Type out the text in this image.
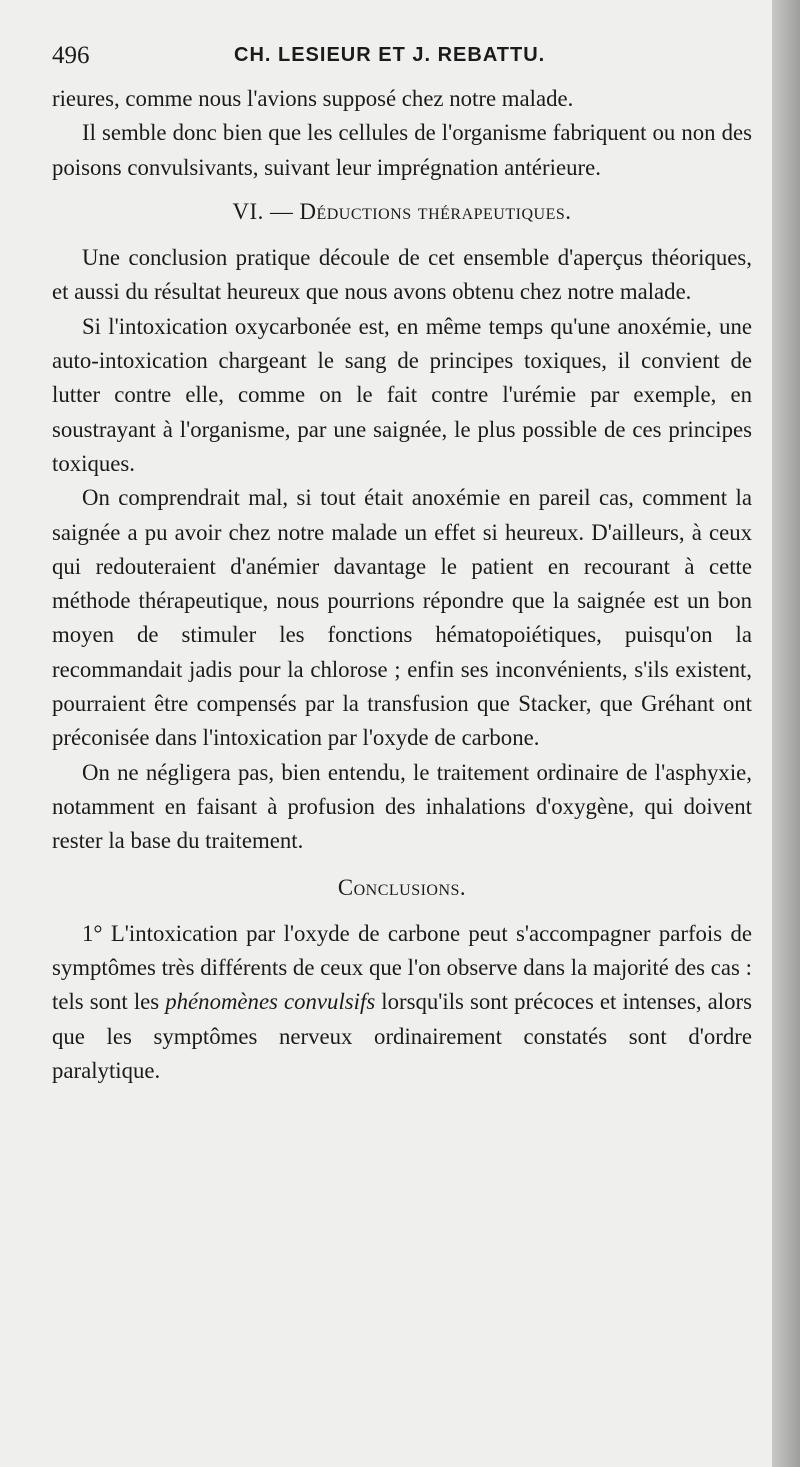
496	CH. LESIEUR ET J. REBATTU.

rieures, comme nous l'avions supposé chez notre malade.

Il semble donc bien que les cellules de l'organisme fabriquent ou non des poisons convulsivants, suivant leur imprégnation antérieure.

VI. — Déductions thérapeutiques.

Une conclusion pratique découle de cet ensemble d'aperçus théoriques, et aussi du résultat heureux que nous avons obtenu chez notre malade.

Si l'intoxication oxycarbonée est, en même temps qu'une anoxémie, une auto-intoxication chargeant le sang de principes toxiques, il convient de lutter contre elle, comme on le fait contre l'urémie par exemple, en soustrayant à l'organisme, par une saignée, le plus possible de ces principes toxiques.

On comprendrait mal, si tout était anoxémie en pareil cas, comment la saignée a pu avoir chez notre malade un effet si heureux. D'ailleurs, à ceux qui redouteraient d'anémier davantage le patient en recourant à cette méthode thérapeutique, nous pourrions répondre que la saignée est un bon moyen de stimuler les fonctions hématopoiétiques, puisqu'on la recommandait jadis pour la chlorose ; enfin ses inconvénients, s'ils existent, pourraient être compensés par la transfusion que Stacker, que Gréhant ont préconisée dans l'intoxication par l'oxyde de carbone.

On ne négligera pas, bien entendu, le traitement ordinaire de l'asphyxie, notamment en faisant à profusion des inhalations d'oxygène, qui doivent rester la base du traitement.

Conclusions.

1° L'intoxication par l'oxyde de carbone peut s'accompagner parfois de symptômes très différents de ceux que l'on observe dans la majorité des cas : tels sont les phénomènes convulsifs lorsqu'ils sont précoces et intenses, alors que les symptômes nerveux ordinairement constatés sont d'ordre paralytique.
